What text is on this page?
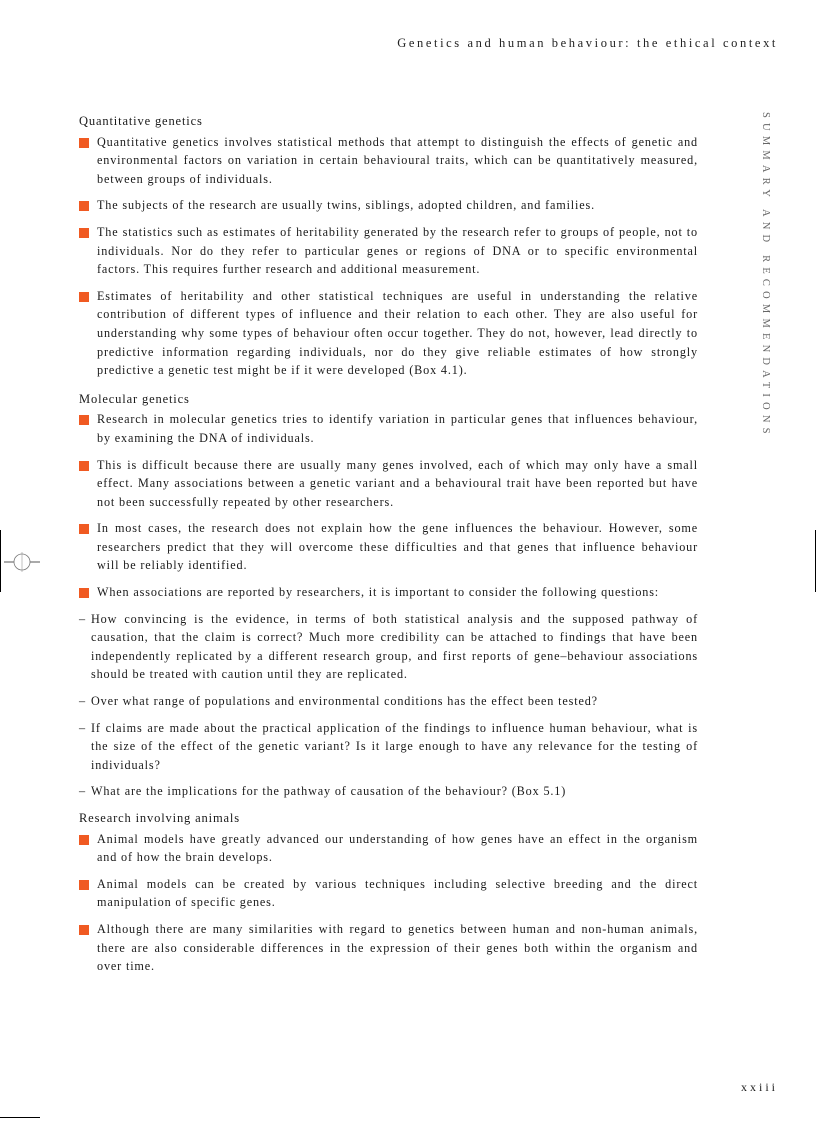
Genetics and human behaviour: the ethical context
SUMMARY AND RECOMMENDATIONS
Quantitative genetics
Quantitative genetics involves statistical methods that attempt to distinguish the effects of genetic and environmental factors on variation in certain behavioural traits, which can be quantitatively measured, between groups of individuals.
The subjects of the research are usually twins, siblings, adopted children, and families.
The statistics such as estimates of heritability generated by the research refer to groups of people, not to individuals. Nor do they refer to particular genes or regions of DNA or to specific environmental factors. This requires further research and additional measurement.
Estimates of heritability and other statistical techniques are useful in understanding the relative contribution of different types of influence and their relation to each other. They are also useful for understanding why some types of behaviour often occur together. They do not, however, lead directly to predictive information regarding individuals, nor do they give reliable estimates of how strongly predictive a genetic test might be if it were developed (Box 4.1).
Molecular genetics
Research in molecular genetics tries to identify variation in particular genes that influences behaviour, by examining the DNA of individuals.
This is difficult because there are usually many genes involved, each of which may only have a small effect. Many associations between a genetic variant and a behavioural trait have been reported but have not been successfully repeated by other researchers.
In most cases, the research does not explain how the gene influences the behaviour. However, some researchers predict that they will overcome these difficulties and that genes that influence behaviour will be reliably identified.
When associations are reported by researchers, it is important to consider the following questions:
– How convincing is the evidence, in terms of both statistical analysis and the supposed pathway of causation, that the claim is correct? Much more credibility can be attached to findings that have been independently replicated by a different research group, and first reports of gene–behaviour associations should be treated with caution until they are replicated.
– Over what range of populations and environmental conditions has the effect been tested?
– If claims are made about the practical application of the findings to influence human behaviour, what is the size of the effect of the genetic variant? Is it large enough to have any relevance for the testing of individuals?
– What are the implications for the pathway of causation of the behaviour? (Box 5.1)
Research involving animals
Animal models have greatly advanced our understanding of how genes have an effect in the organism and of how the brain develops.
Animal models can be created by various techniques including selective breeding and the direct manipulation of specific genes.
Although there are many similarities with regard to genetics between human and non-human animals, there are also considerable differences in the expression of their genes both within the organism and over time.
xxiii
